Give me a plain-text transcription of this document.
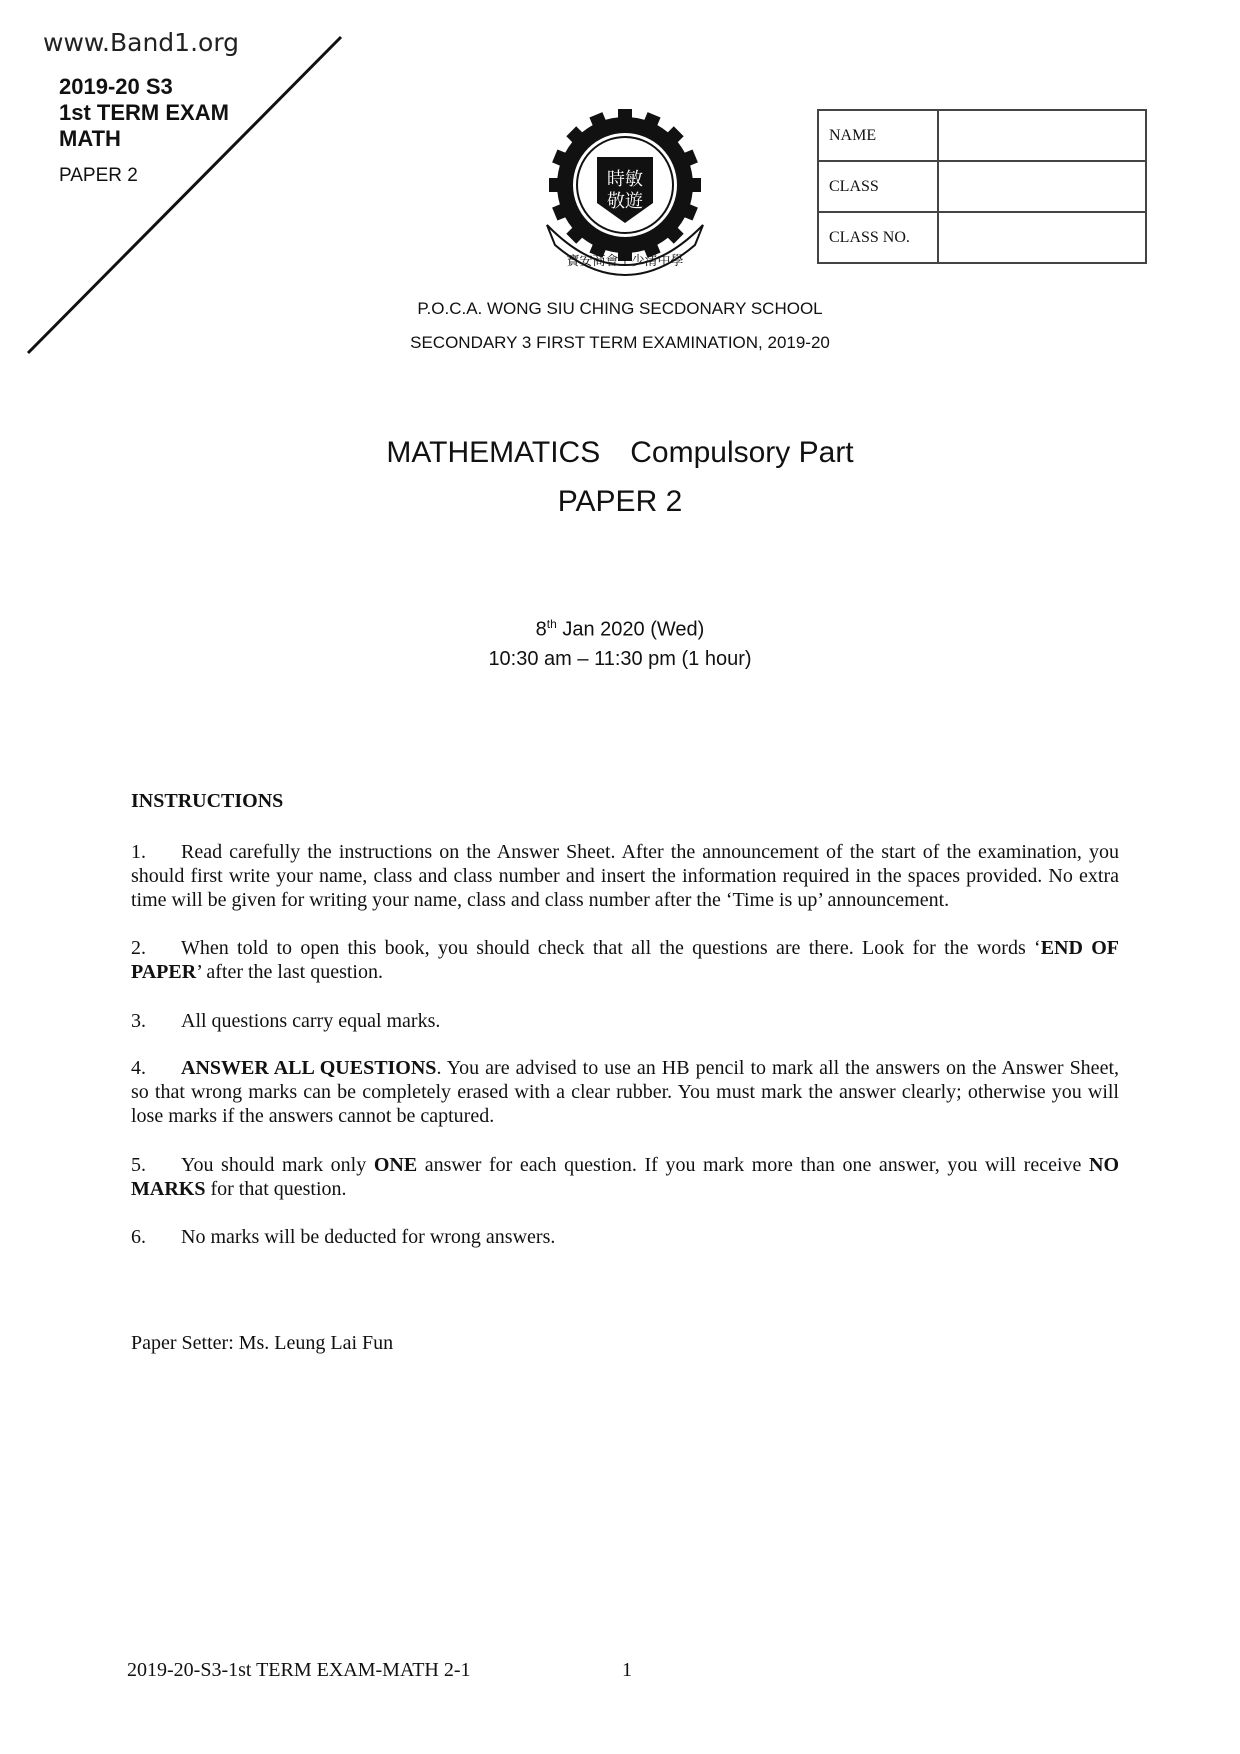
www.Band1.org
2019-20 S3
1st TERM EXAM
MATH
PAPER 2	時敏
敬遊
寶安商會王少清中學
NAME	
CLASS	
CLASS NO.	
P.O.C.A. WONG SIU CHING SECDONARY SCHOOL
SECONDARY 3 FIRST TERM EXAMINATION, 2019-20
MATHEMATICS Compulsory Part
PAPER 2
8th Jan 2020 (Wed)
10:30 am – 11:30 pm (1 hour)
INSTRUCTIONS
1. Read carefully the instructions on the Answer Sheet. After the announcement of the start of the examination, you should first write your name, class and class number and insert the information required in the spaces provided. No extra time will be given for writing your name, class and class number after the ‘Time is up’ announcement.
2. When told to open this book, you should check that all the questions are there. Look for the words ‘END OF PAPER’ after the last question.
3. All questions carry equal marks.
4. ANSWER ALL QUESTIONS. You are advised to use an HB pencil to mark all the answers on the Answer Sheet, so that wrong marks can be completely erased with a clear rubber. You must mark the answer clearly; otherwise you will lose marks if the answers cannot be captured.
5. You should mark only ONE answer for each question. If you mark more than one answer, you will receive NO MARKS for that question.
6. No marks will be deducted for wrong answers.
Paper Setter: Ms. Leung Lai Fun
2019-20-S3-1st TERM EXAM-MATH 2-1	1
